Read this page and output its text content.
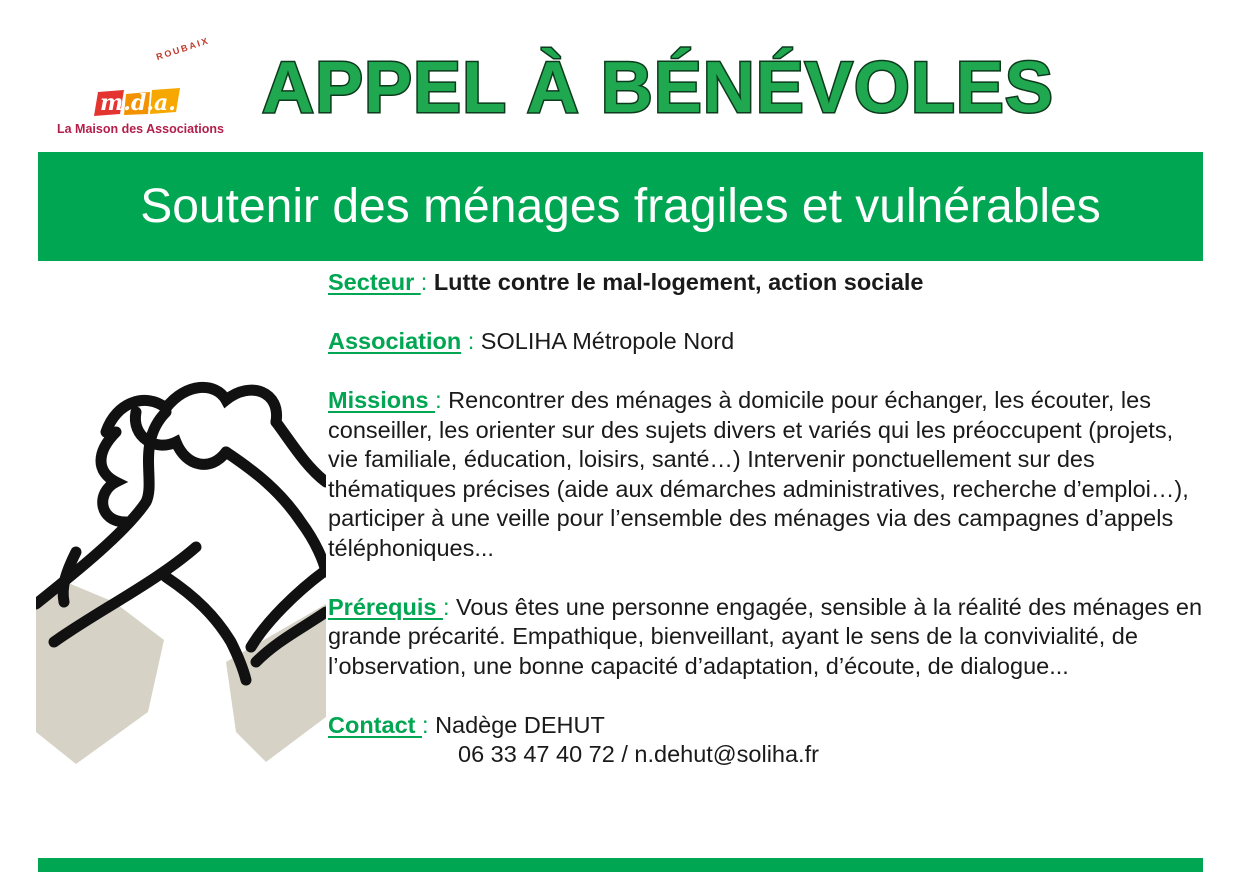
ROUBAIX
m.d.a.
La Maison des Associations
APPEL À BÉNÉVOLES
Soutenir des ménages fragiles et vulnérables

Secteur : Lutte contre le mal-logement, action sociale

Association : SOLIHA Métropole Nord

Missions : Rencontrer des ménages à domicile pour échanger, les écouter, les conseiller, les orienter sur des sujets divers et variés qui les préoccupent (projets, vie familiale, éducation, loisirs, santé…) Intervenir ponctuellement sur des thématiques précises (aide aux démarches administratives, recherche d’emploi…), participer à une veille pour l’ensemble des ménages via des campagnes d’appels téléphoniques...

Prérequis : Vous êtes une personne engagée, sensible à la réalité des ménages en grande précarité. Empathique, bienveillant, ayant le sens de la convivialité, de l’observation, une bonne capacité d’adaptation, d’écoute, de dialogue...

Contact : Nadège DEHUT
06 33 47 40 72 / n.dehut@soliha.fr
